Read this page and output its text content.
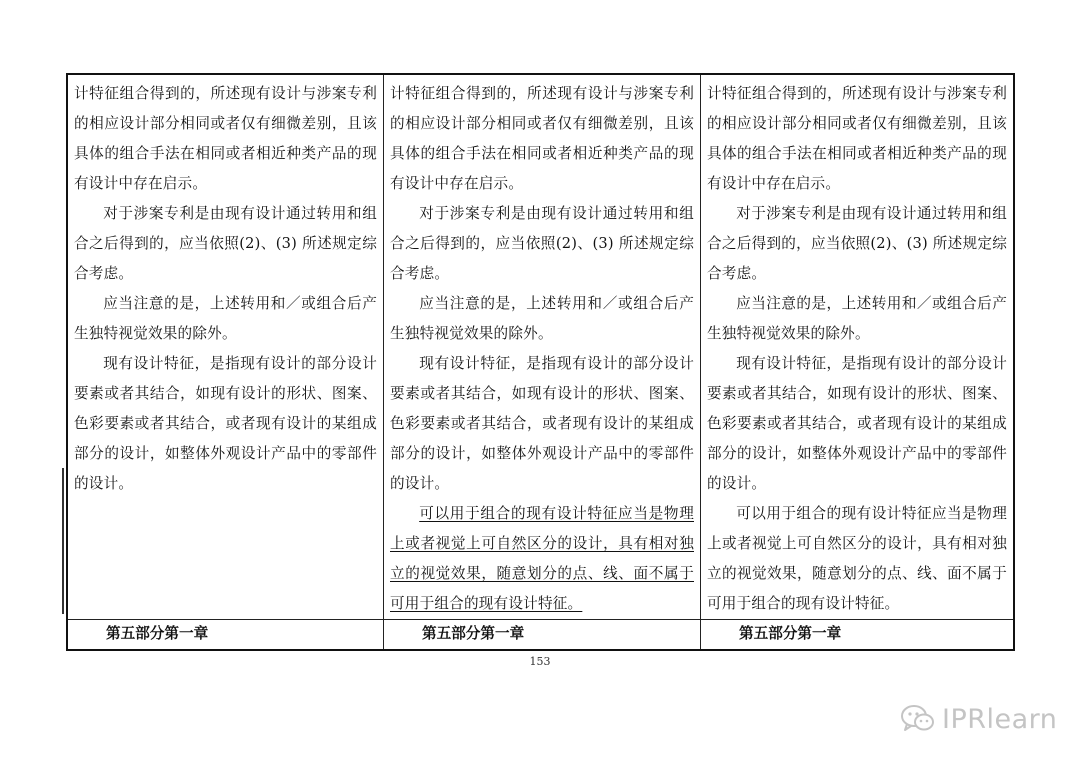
计特征组合得到的，所述现有设计与涉案专利的相应设计部分相同或者仅有细微差别，且该具体的组合手法在相同或者相近种类产品的现有设计中存在启示。

对于涉案专利是由现有设计通过转用和组合之后得到的，应当依照(2)、(3) 所述规定综合考虑。

应当注意的是，上述转用和／或组合后产生独特视觉效果的除外。

现有设计特征，是指现有设计的部分设计要素或者其结合，如现有设计的形状、图案、色彩要素或者其结合，或者现有设计的某组成部分的设计，如整体外观设计产品中的零部件的设计。

计特征组合得到的，所述现有设计与涉案专利的相应设计部分相同或者仅有细微差别，且该具体的组合手法在相同或者相近种类产品的现有设计中存在启示。

对于涉案专利是由现有设计通过转用和组合之后得到的，应当依照(2)、(3) 所述规定综合考虑。

应当注意的是，上述转用和／或组合后产生独特视觉效果的除外。

现有设计特征，是指现有设计的部分设计要素或者其结合，如现有设计的形状、图案、色彩要素或者其结合，或者现有设计的某组成部分的设计，如整体外观设计产品中的零部件的设计。

可以用于组合的现有设计特征应当是物理上或者视觉上可自然区分的设计，具有相对独立的视觉效果，随意划分的点、线、面不属于可用于组合的现有设计特征。

计特征组合得到的，所述现有设计与涉案专利的相应设计部分相同或者仅有细微差别，且该具体的组合手法在相同或者相近种类产品的现有设计中存在启示。

对于涉案专利是由现有设计通过转用和组合之后得到的，应当依照(2)、(3) 所述规定综合考虑。

应当注意的是，上述转用和／或组合后产生独特视觉效果的除外。

现有设计特征，是指现有设计的部分设计要素或者其结合，如现有设计的形状、图案、色彩要素或者其结合，或者现有设计的某组成部分的设计，如整体外观设计产品中的零部件的设计。

可以用于组合的现有设计特征应当是物理上或者视觉上可自然区分的设计，具有相对独立的视觉效果，随意划分的点、线、面不属于可用于组合的现有设计特征。

第五部分第一章	第五部分第一章	第五部分第一章
153
IPRlearn
